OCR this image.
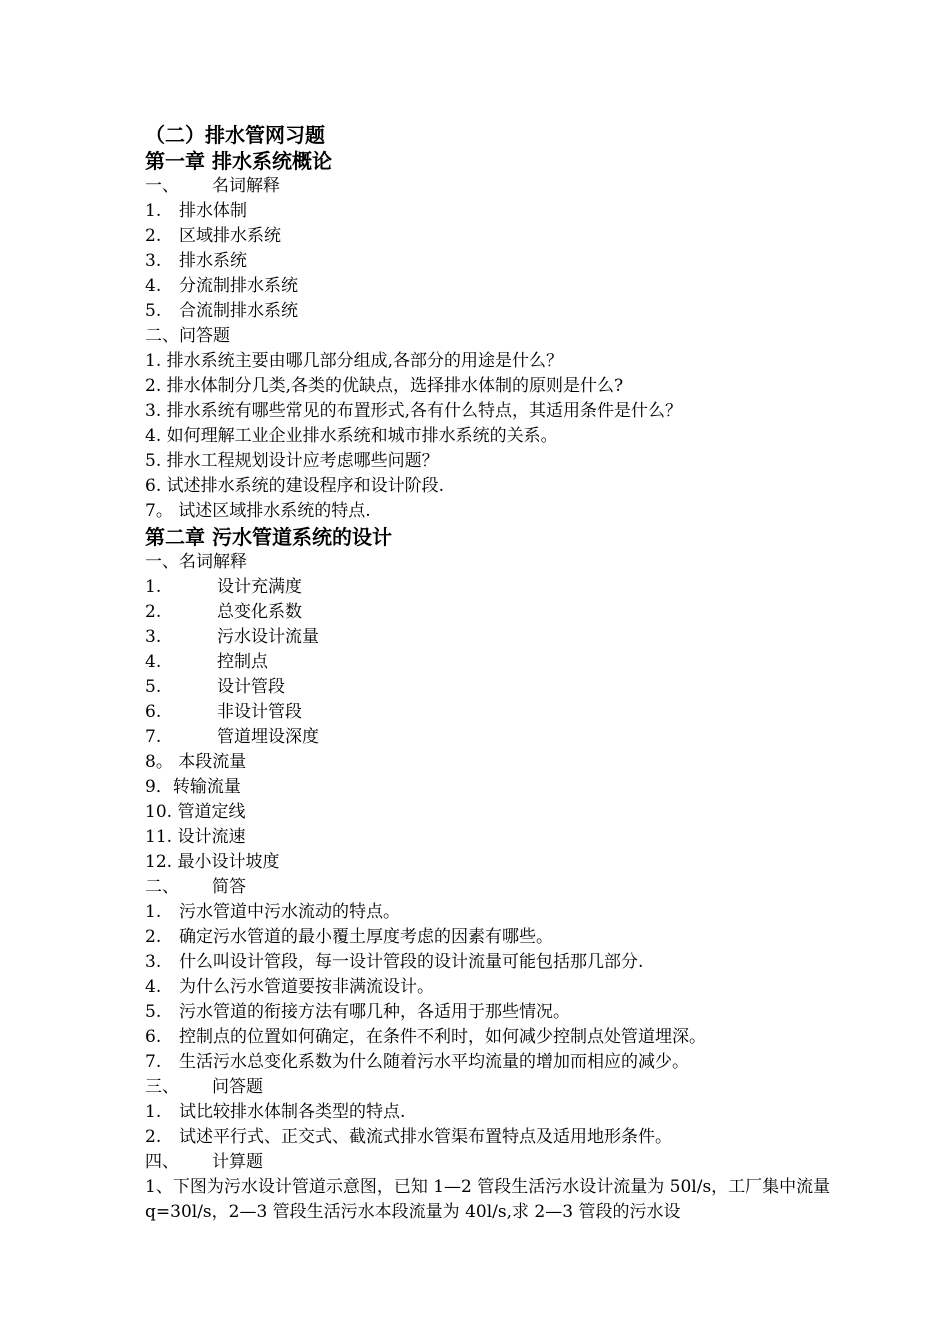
（二）排水管网习题
第一章 排水系统概论
一、 名词解释
1. 排水体制
2. 区域排水系统
3. 排水系统
4. 分流制排水系统
5. 合流制排水系统
二、问答题
1. 排水系统主要由哪几部分组成,各部分的用途是什么？
2. 排水体制分几类,各类的优缺点，选择排水体制的原则是什么?
3. 排水系统有哪些常见的布置形式,各有什么特点，其适用条件是什么？
4. 如何理解工业企业排水系统和城市排水系统的关系。
5. 排水工程规划设计应考虑哪些问题？
6. 试述排水系统的建设程序和设计阶段.
7。 试述区域排水系统的特点.
第二章 污水管道系统的设计
一、名词解释
1.	设计充满度
2.	总变化系数
3.	污水设计流量
4.	控制点
5.	设计管段
6.	非设计管段
7.	管道埋设深度
8。 本段流量
9．转输流量
10. 管道定线
11. 设计流速
12. 最小设计坡度
二、 简答
1. 污水管道中污水流动的特点。
2. 确定污水管道的最小覆土厚度考虑的因素有哪些。
3. 什么叫设计管段，每一设计管段的设计流量可能包括那几部分.
4. 为什么污水管道要按非满流设计。
5. 污水管道的衔接方法有哪几种，各适用于那些情况。
6. 控制点的位置如何确定，在条件不利时，如何减少控制点处管道埋深。
7. 生活污水总变化系数为什么随着污水平均流量的增加而相应的减少。
三、 问答题
1. 试比较排水体制各类型的特点.
2. 试述平行式、正交式、截流式排水管渠布置特点及适用地形条件。
四、 计算题
1、下图为污水设计管道示意图，已知 1—2 管段生活污水设计流量为 50l/s，工厂集中流量 q=30l/s，2—3 管段生活污水本段流量为 40l/s,求 2—3 管段的污水设
